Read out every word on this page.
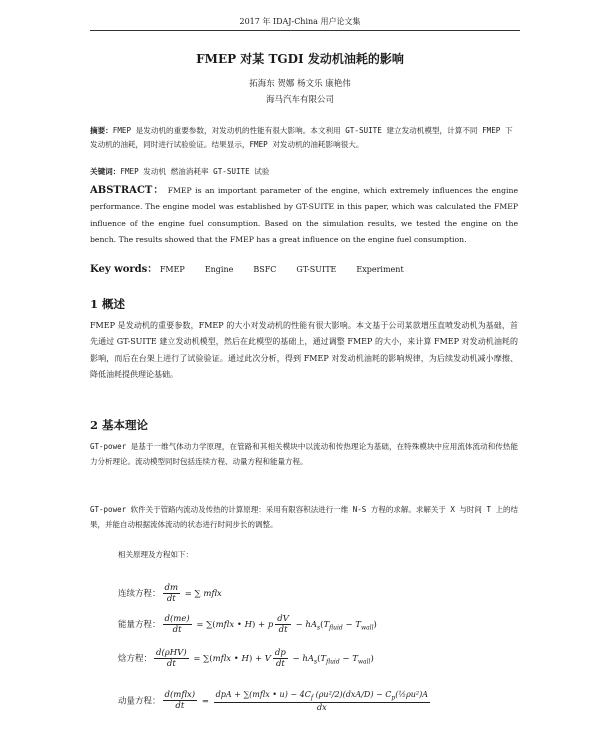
2017 年 IDAJ-China 用户论文集
FMEP 对某 TGDI 发动机油耗的影响
拓海东 贺娜 杨文乐 康艳伟
海马汽车有限公司
摘要：FMEP 是发动机的重要参数，对发动机的性能有很大影响。本文利用 GT-SUITE 建立发动机模型，计算不同 FMEP 下发动机的油耗，同时进行试验验证。结果显示，FMEP 对发动机的油耗影响很大。
关键词：FMEP 发动机 燃油消耗率 GT-SUITE 试验
ABSTRACT： FMEP is an important parameter of the engine, which extremely influences the engine performance. The engine model was established by GT-SUITE in this paper, which was calculated the FMEP influence of the engine fuel consumption. Based on the simulation results, we tested the engine on the bench. The results showed that the FMEP has a great influence on the engine fuel consumption.
Key words： FMEP	Engine	BSFC	GT-SUITE	Experiment
1 概述
FMEP 是发动机的重要参数，FMEP 的大小对发动机的性能有很大影响。本文基于公司某款增压直喷发动机为基础，首先通过 GT-SUITE 建立发动机模型，然后在此模型的基础上，通过调整 FMEP 的大小，来计算 FMEP 对发动机油耗的影响，而后在台架上进行了试验验证。通过此次分析，得到 FMEP 对发动机油耗的影响规律，为后续发动机减小摩擦、降低油耗提供理论基础。
2 基本理论
GT-power 是基于一维气体动力学原理，在管路和其相关模块中以流动和传热理论为基础，在特殊模块中应用流体流动和传热能力分析理论。流动模型同时包括连续方程、动量方程和能量方程。
GT-power 软件关于管路内流动及传热的计算原理：采用有限容积法进行一维 N-S 方程的求解。求解关于 X 与时间 T 上的结果，并能自动根据流体流动的状态进行时间步长的调整。
相关原理及方程如下：
连续方程： $\frac{dm}{dt}$ = ∑ mflx
能量方程： $\frac{d(me)}{dt}$ = ∑(mflx • H) + p $\frac{dV}{dt} - hA_s(T_{fluid} - T_{wall})$
焓方程： $\frac{\text{d(ρHV)}}{dt}$ = ∑(mflx • H) + V $\frac{dp}{dt} - hA_s(T_{fluid} - T_{wall})$
动量方程： $\frac{\text{d(mflx)}}{dt} = \frac{dpA + \sum(mflx • u) - 4C_f (\rho u^2/2)(dxA/D) - C_p(\frac{1}{2}\rho u^2)A}{dx}$
